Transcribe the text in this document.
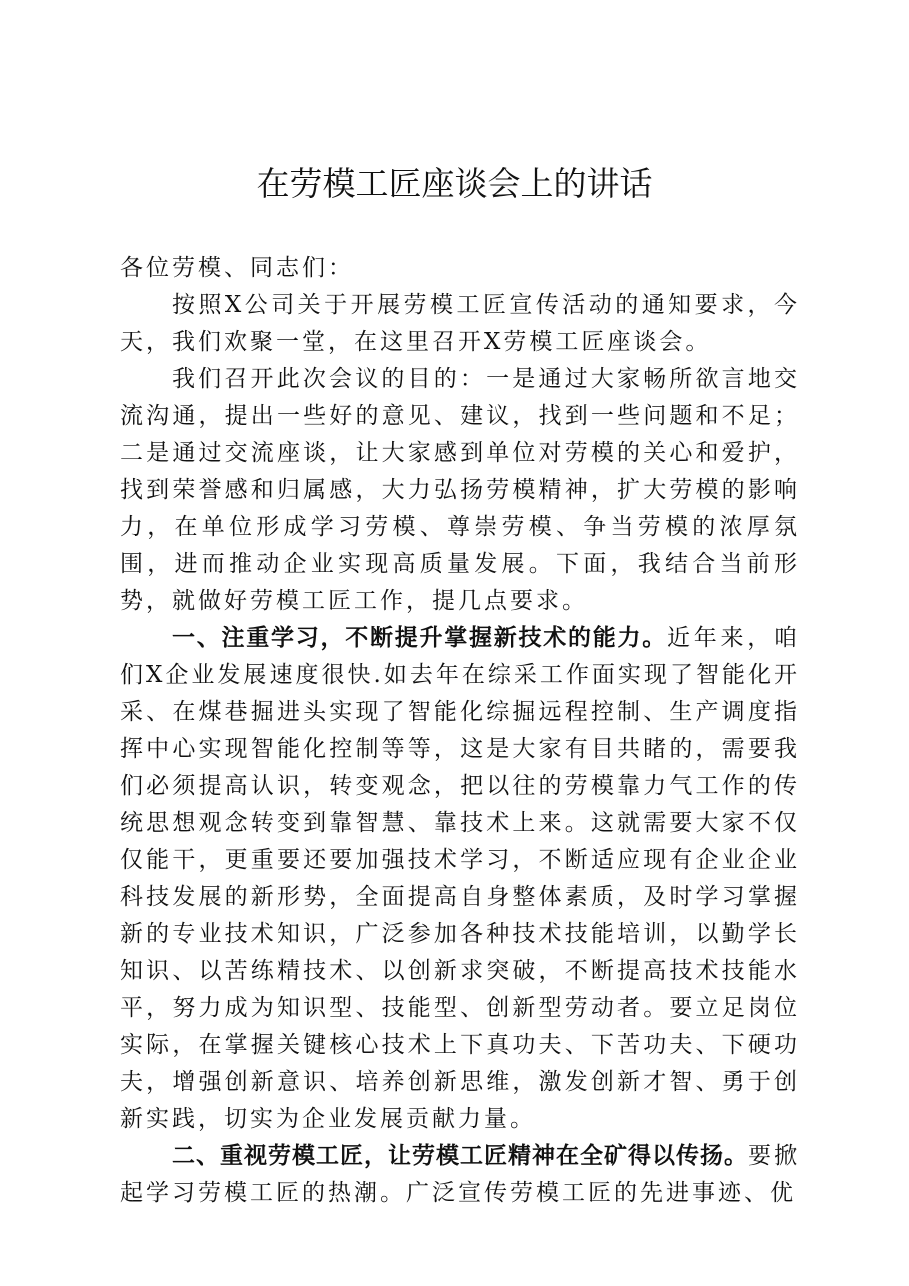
在劳模工匠座谈会上的讲话

各位劳模、同志们：

按照X公司关于开展劳模工匠宣传活动的通知要求，今天，我们欢聚一堂，在这里召开X劳模工匠座谈会。

我们召开此次会议的目的：一是通过大家畅所欲言地交流沟通，提出一些好的意见、建议，找到一些问题和不足；二是通过交流座谈，让大家感到单位对劳模的关心和爱护，找到荣誉感和归属感，大力弘扬劳模精神，扩大劳模的影响力，在单位形成学习劳模、尊崇劳模、争当劳模的浓厚氛围，进而推动企业实现高质量发展。下面，我结合当前形势，就做好劳模工匠工作，提几点要求。

一、注重学习，不断提升掌握新技术的能力。近年来，咱们X企业发展速度很快.如去年在综采工作面实现了智能化开采、在煤巷掘进头实现了智能化综掘远程控制、生产调度指挥中心实现智能化控制等等，这是大家有目共睹的，需要我们必须提高认识，转变观念，把以往的劳模靠力气工作的传统思想观念转变到靠智慧、靠技术上来。这就需要大家不仅仅能干，更重要还要加强技术学习，不断适应现有企业企业科技发展的新形势，全面提高自身整体素质，及时学习掌握新的专业技术知识，广泛参加各种技术技能培训，以勤学长知识、以苦练精技术、以创新求突破，不断提高技术技能水平，努力成为知识型、技能型、创新型劳动者。要立足岗位实际，在掌握关键核心技术上下真功夫、下苦功夫、下硬功夫，增强创新意识、培养创新思维，激发创新才智、勇于创新实践，切实为企业发展贡献力量。

二、重视劳模工匠，让劳模工匠精神在全矿得以传扬。要掀起学习劳模工匠的热潮。广泛宣传劳模工匠的先进事迹、优
